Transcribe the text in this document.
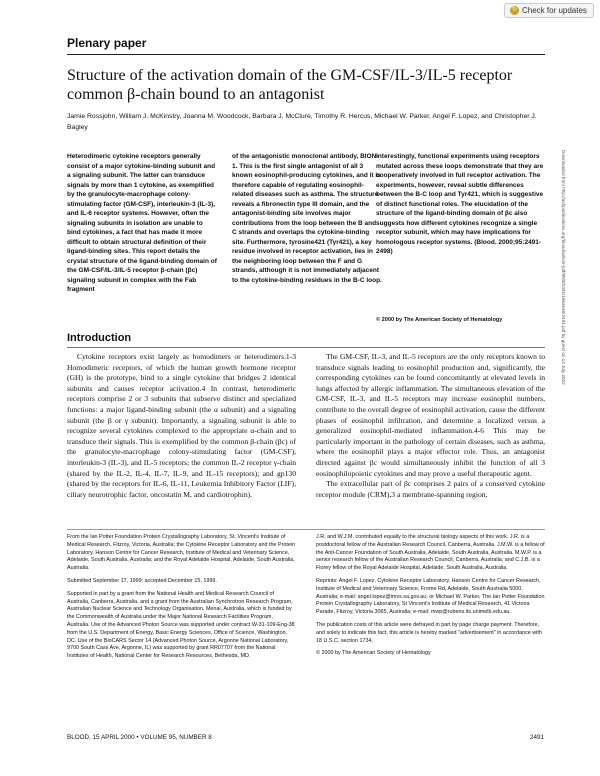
↻ Check for updates
Plenary paper
Structure of the activation domain of the GM-CSF/IL-3/IL-5 receptor common β-chain bound to an antagonist
Jamie Rossjohn, William J. McKinstry, Joanna M. Woodcock, Barbara J. McClure, Timothy R. Hercus, Michael W. Parker, Angel F. Lopez, and Christopher J. Bagley
Heterodimeric cytokine receptors generally consist of a major cytokine-binding subunit and a signaling subunit. The latter can transduce signals by more than 1 cytokine, as exemplified by the granulocyte-macrophage colony-stimulating factor (GM-CSF), interleukin-3 (IL-3), and IL-6 receptor systems. However, often the signaling subunits in isolation are unable to bind cytokines, a fact that has made it more difficult to obtain structural definition of their ligand-binding sites. This report details the crystal structure of the ligand-binding domain of the GM-CSF/IL-3/IL-5 receptor β-chain (βc) signaling subunit in complex with the Fab fragment
of the antagonistic monoclonal antibody, BION-1. This is the first single antagonist of all 3 known eosinophil-producing cytokines, and it is therefore capable of regulating eosinophil-related diseases such as asthma. The structure reveals a fibronectin type III domain, and the antagonist-binding site involves major contributions from the loop between the B and C strands and overlaps the cytokine-binding site. Furthermore, tyrosine421 (Tyr421), a key residue involved in receptor activation, lies in the neighboring loop between the F and G strands, although it is not immediately adjacent to the cytokine-binding residues in the B-C loop.
Interestingly, functional experiments using receptors mutated across these loops demonstrate that they are cooperatively involved in full receptor activation. The experiments, however, reveal subtle differences between the B-C loop and Tyr421, which is suggestive of distinct functional roles. The elucidation of the structure of the ligand-binding domain of βc also suggests how different cytokines recognize a single receptor subunit, which may have implications for homologous receptor systems. (Blood. 2000;95:2491-2498)
© 2000 by The American Society of Hematology
Introduction

Cytokine receptors exist largely as homodimers or heterodimers.1-3 Homodimeric receptors, of which the human growth hormone receptor (GH) is the prototype, bind to a single cytokine that bridges 2 identical subunits and causes receptor activation.4 In contrast, heterodimeric receptors comprise 2 or 3 subunits that subserve distinct and specialized functions: a major ligand-binding subunit (the α subunit) and a signaling subunit (the β or γ subunit). Importantly, a signaling subunit is able to recognize several cytokines complexed to the appropriate α-chain and to transduce their signals. This is exemplified by the common β-chain (βc) of the granulocyte-macrophage colony-stimulating factor (GM-CSF), interleukin-3 (IL-3), and IL-5 receptors; the common IL-2 receptor γ-chain (shared by the IL-2, IL-4, IL-7, IL-9, and IL-15 receptors); and gp130 (shared by the receptors for IL-6, IL-11, Leukemia Inhibitory Factor (LIF), ciliary neurotrophic factor, oncostatin M, and cardiotrophin).

The GM-CSF, IL-3, and IL-5 receptors are the only receptors known to transduce signals leading to eosinophil production and, significantly, the corresponding cytokines can be found concomitantly at elevated levels in lungs affected by allergic inflammation. The simultaneous elevation of the GM-CSF, IL-3, and IL-5 receptors may increase eosinophil numbers, contribute to the overall degree of eosinophil activation, cause the different phases of eosinophil infiltration, and determine a localized versus a generalized eosinophil-mediated inflammation.4-6 This may be particularly important in the pathology of certain diseases, such as asthma, where the eosinophil plays a major effector role. Thus, an antagonist directed against βc would simultaneously inhibit the function of all 3 eosinophilopoietic cytokines and may prove a useful therapeutic agent.

The extracellular part of βc comprises 2 pairs of a conserved cytokine receptor module (CRM),3 a membrane-spanning region,

From the Ian Potter Foundation Protein Crystallography Laboratory, St. Vincent's Institute of Medical Research, Fitzroy, Victoria, Australia; the Cytokine Receptor Laboratory and the Protein Laboratory, Hanson Centre for Cancer Research, Institute of Medical and Veterinary Science, Adelaide, South Australia, Australia; and the Royal Adelaide Hospital, Adelaide, South Australia, Australia.

Submitted September 17, 1999; accepted December 15, 1999.

Supported in part by a grant from the National Health and Medical Research Council of Australia, Canberra, Australia, and a grant from the Australian Synchrotron Research Program, Australian Nuclear Science and Technology Organisation, Menai, Australia, which is funded by the Commonwealth of Australia under the Major National Research Facilities Program, Australia. Use of the Advanced Photon Source was supported under contract W-31-109-Eng-38 from the U.S. Department of Energy, Basic Energy Sciences, Office of Science, Washington, DC. Use of the BioCARS Sector 14 (Advanced Photon Source, Argonne National Laboratory, 9700 South Cass Ave, Argonne, IL) was supported by grant RR07707 from the National Institutes of Health, National Center for Research Resources, Bethesda, MD.

J.R. and W.J.M. contributed equally to the structural biology aspects of this work. J.R. is a postdoctoral fellow of the Australian Research Council, Canberra, Australia. J.M.W. is a fellow of the Anti-Cancer Foundation of South Australia, Adelaide, South Australia, Australia. M.W.P. is a senior research fellow of the Australian Research Council, Canberra, Australia; and C.J.B. is a Florey fellow of the Royal Adelaide Hospital, Adelaide, South Australia, Australia.

Reprints: Angel F. Lopez, Cytokine Receptor Laboratory, Hanson Centre for Cancer Research, Institute of Medical and Veterinary Science, Frome Rd, Adelaide, South Australia 5000, Australia; e-mail: angel.lopez@imvs.sa.gov.au; or Michael W. Parker, The Ian Potter Foundation Protein Crystallography Laboratory, St Vincent's Institute of Medical Research, 41 Victoria Parade, Fitzroy, Victoria 3065, Australia; e-mail: mwp@rubens.its.unimelb.edu.au.

The publication costs of this article were defrayed in part by page charge payment. Therefore, and solely to indicate this fact, this article is hereby marked "advertisement" in accordance with 18 U.S.C. section 1734.

© 2000 by The American Society of Hematology

BLOOD, 15 APRIL 2000 • VOLUME 95, NUMBER 8	2491
Downloaded from http://ashpublications.org/blood/article-pdf/95/8/2491/1663169/2491.pdf by guest on 14 July 2022
